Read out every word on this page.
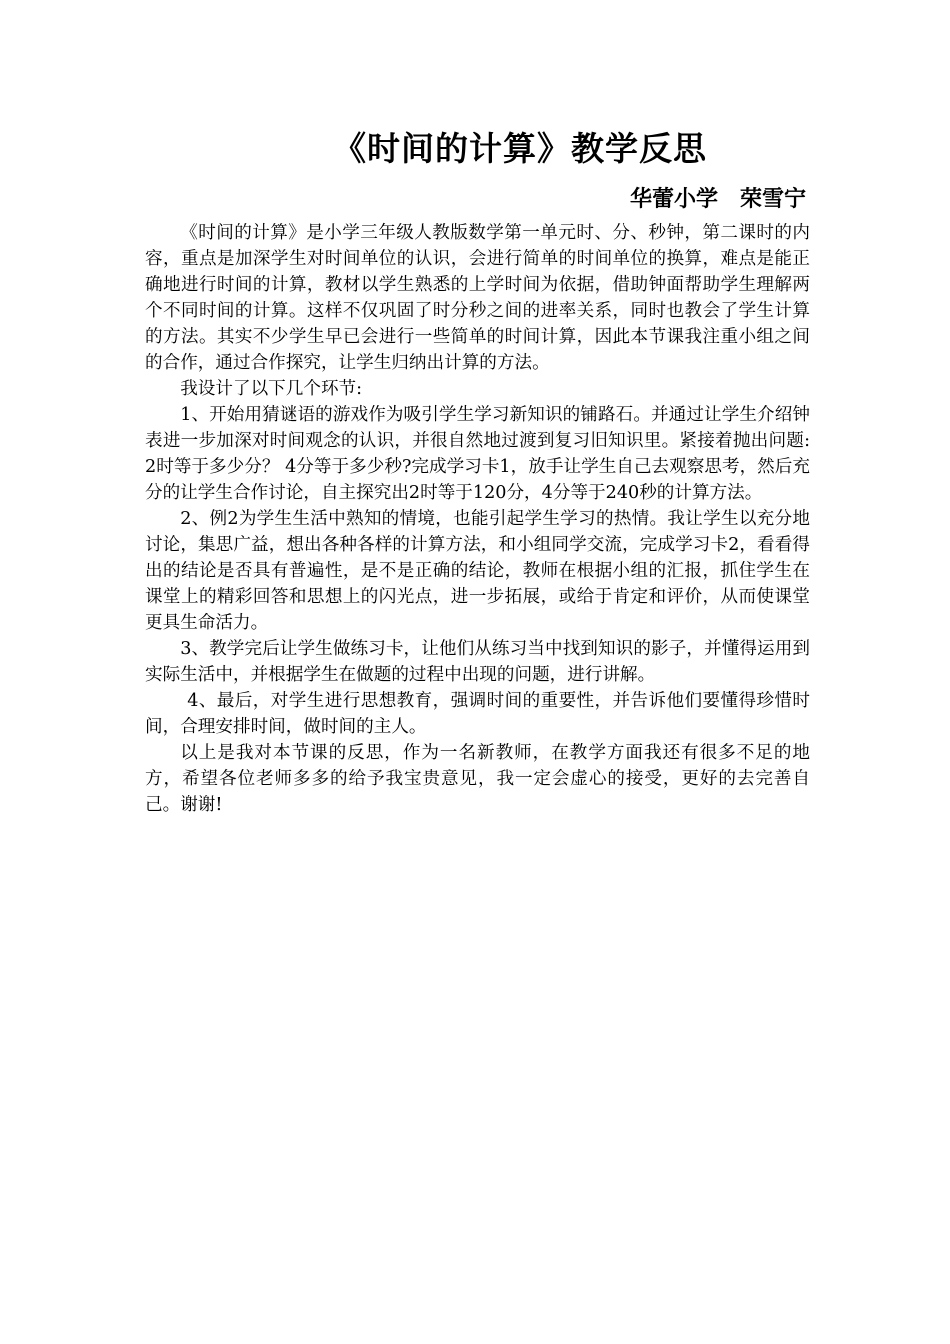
《时间的计算》教学反思
华蕾小学　荣雪宁

《时间的计算》是小学三年级人教版数学第一单元时、分、秒钟，第二课时的内容，重点是加深学生对时间单位的认识，会进行简单的时间单位的换算，难点是能正确地进行时间的计算，教材以学生熟悉的上学时间为依据，借助钟面帮助学生理解两个不同时间的计算。这样不仅巩固了时分秒之间的进率关系，同时也教会了学生计算的方法。其实不少学生早已会进行一些简单的时间计算，因此本节课我注重小组之间的合作，通过合作探究，让学生归纳出计算的方法。

我设计了以下几个环节:

1、开始用猜谜语的游戏作为吸引学生学习新知识的铺路石。并通过让学生介绍钟表进一步加深对时间观念的认识，并很自然地过渡到复习旧知识里。紧接着抛出问题:2时等于多少分？ 4分等于多少秒?完成学习卡1，放手让学生自己去观察思考，然后充分的让学生合作讨论，自主探究出2时等于120分，4分等于240秒的计算方法。

2、例2为学生生活中熟知的情境，也能引起学生学习的热情。我让学生以充分地讨论，集思广益，想出各种各样的计算方法，和小组同学交流，完成学习卡2，看看得出的结论是否具有普遍性，是不是正确的结论，教师在根据小组的汇报，抓住学生在课堂上的精彩回答和思想上的闪光点，进一步拓展，或给于肯定和评价，从而使课堂更具生命活力。

3、教学完后让学生做练习卡，让他们从练习当中找到知识的影子，并懂得运用到实际生活中，并根据学生在做题的过程中出现的问题，进行讲解。

4、最后，对学生进行思想教育，强调时间的重要性，并告诉他们要懂得珍惜时间，合理安排时间，做时间的主人。

以上是我对本节课的反思，作为一名新教师，在教学方面我还有很多不足的地方，希望各位老师多多的给予我宝贵意见，我一定会虚心的接受，更好的去完善自己。谢谢!
